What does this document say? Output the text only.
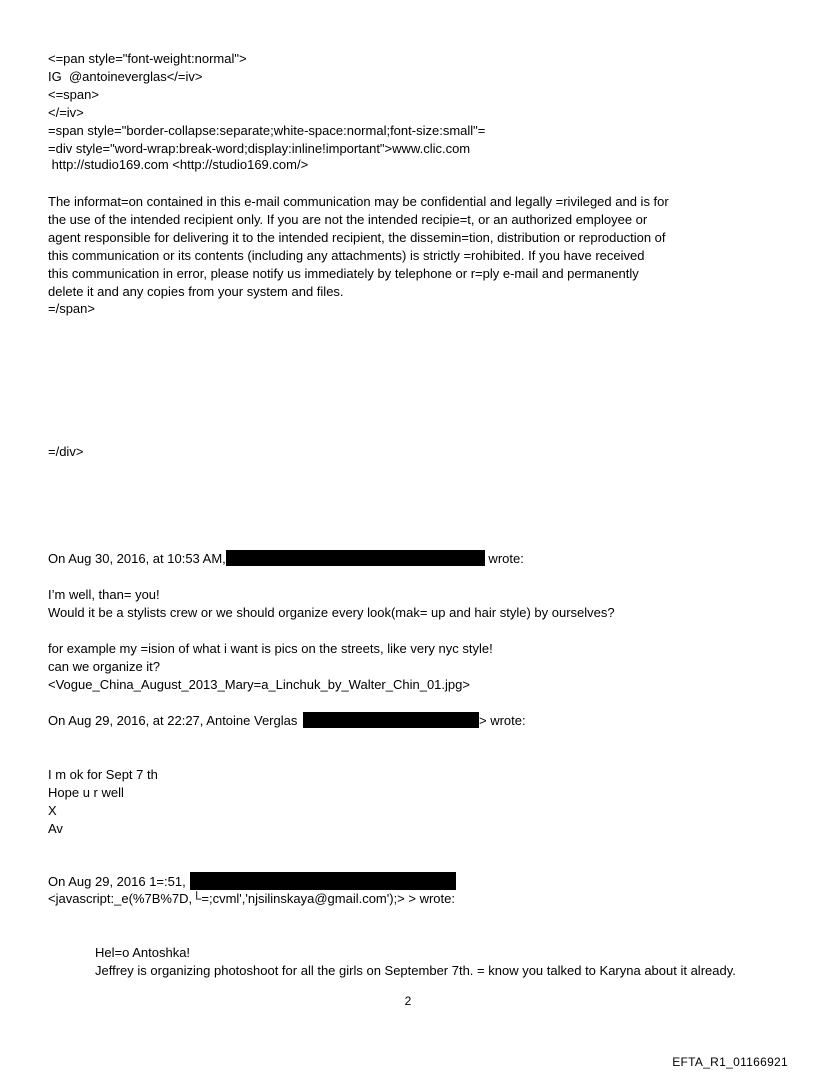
<=pan style="font-weight:normal">
IG  @antoineverglas</=iv>
<=span>
</=iv>
=span style="border-collapse:separate;white-space:normal;font-size:small"=
=div style="word-wrap:break-word;display:inline!important">www.clic.com
http://studio169.com <http://studio169.com/>
The informat=on contained in this e-mail communication may be confidential and legally =rivileged and is for
the use of the intended recipient only. If you are not the intended recipie=t, or an authorized employee or
agent responsible for delivering it to the intended recipient, the dissemin=tion, distribution or reproduction of
this communication or its contents (including any attachments) is strictly =rohibited. If you have received
this communication in error, please notify us immediately by telephone or r=ply e-mail and permanently
delete it and any copies from your system and files.
=/span>
=/div>
On Aug 30, 2016, at 10:53 AM,	wrote:
I’m well, than= you!
Would it be a stylists crew or we should organize every look(mak= up and hair style) by ourselves?
for example my =ision of what i want is pics on the streets, like very nyc style!
can we organize it?
<Vogue_China_August_2013_Mary=a_Linchuk_by_Walter_Chin_01.jpg>
On Aug 29, 2016, at 22:27, Antoine Verglas	> wrote:
I m ok for Sept 7 th
Hope u r well
X
Av
On Aug 29, 2016 1=:51,
<javascript:_e(%7B%7D,└=;cvml','njsilinskaya@gmail.com');> > wrote:
Hel=o Antoshka!
Jeffrey is organizing photoshoot for all the girls on September 7th. = know you talked to Karyna about it already.
2
EFTA_R1_01166921
